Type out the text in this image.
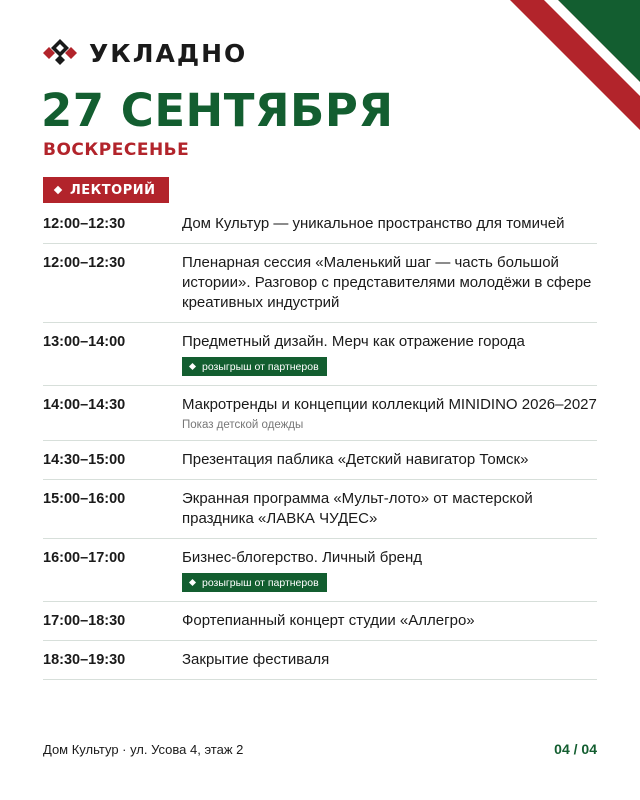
УКЛАДНО
27 СЕНТЯБРЯ
ВОСКРЕСЕНЬЕ
ЛЕКТОРИЙ
12:00–12:30	Дом Культур — уникальное пространство для томичей
12:00–12:30	Пленарная сессия «Маленький шаг — часть большой истории». Разговор с представителями молодёжи в сфере креативных индустрий
13:00–14:00	Предметный дизайн. Мерч как отражение города
розыгрыш от партнеров
14:00–14:30	Макротренды и концепции коллекций MINIDINO 2026–2027
Показ детской одежды
14:30–15:00	Презентация паблика «Детский навигатор Томск»
15:00–16:00	Экранная программа «Мульт-лото» от мастерской праздника «ЛАВКА ЧУДЕС»
16:00–17:00	Бизнес-блогерство. Личный бренд
розыгрыш от партнеров
17:00–18:30	Фортепианный концерт студии «Аллегро»
18:30–19:30	Закрытие фестиваля
Дом Культур · ул. Усова 4, этаж 2	04 / 04
